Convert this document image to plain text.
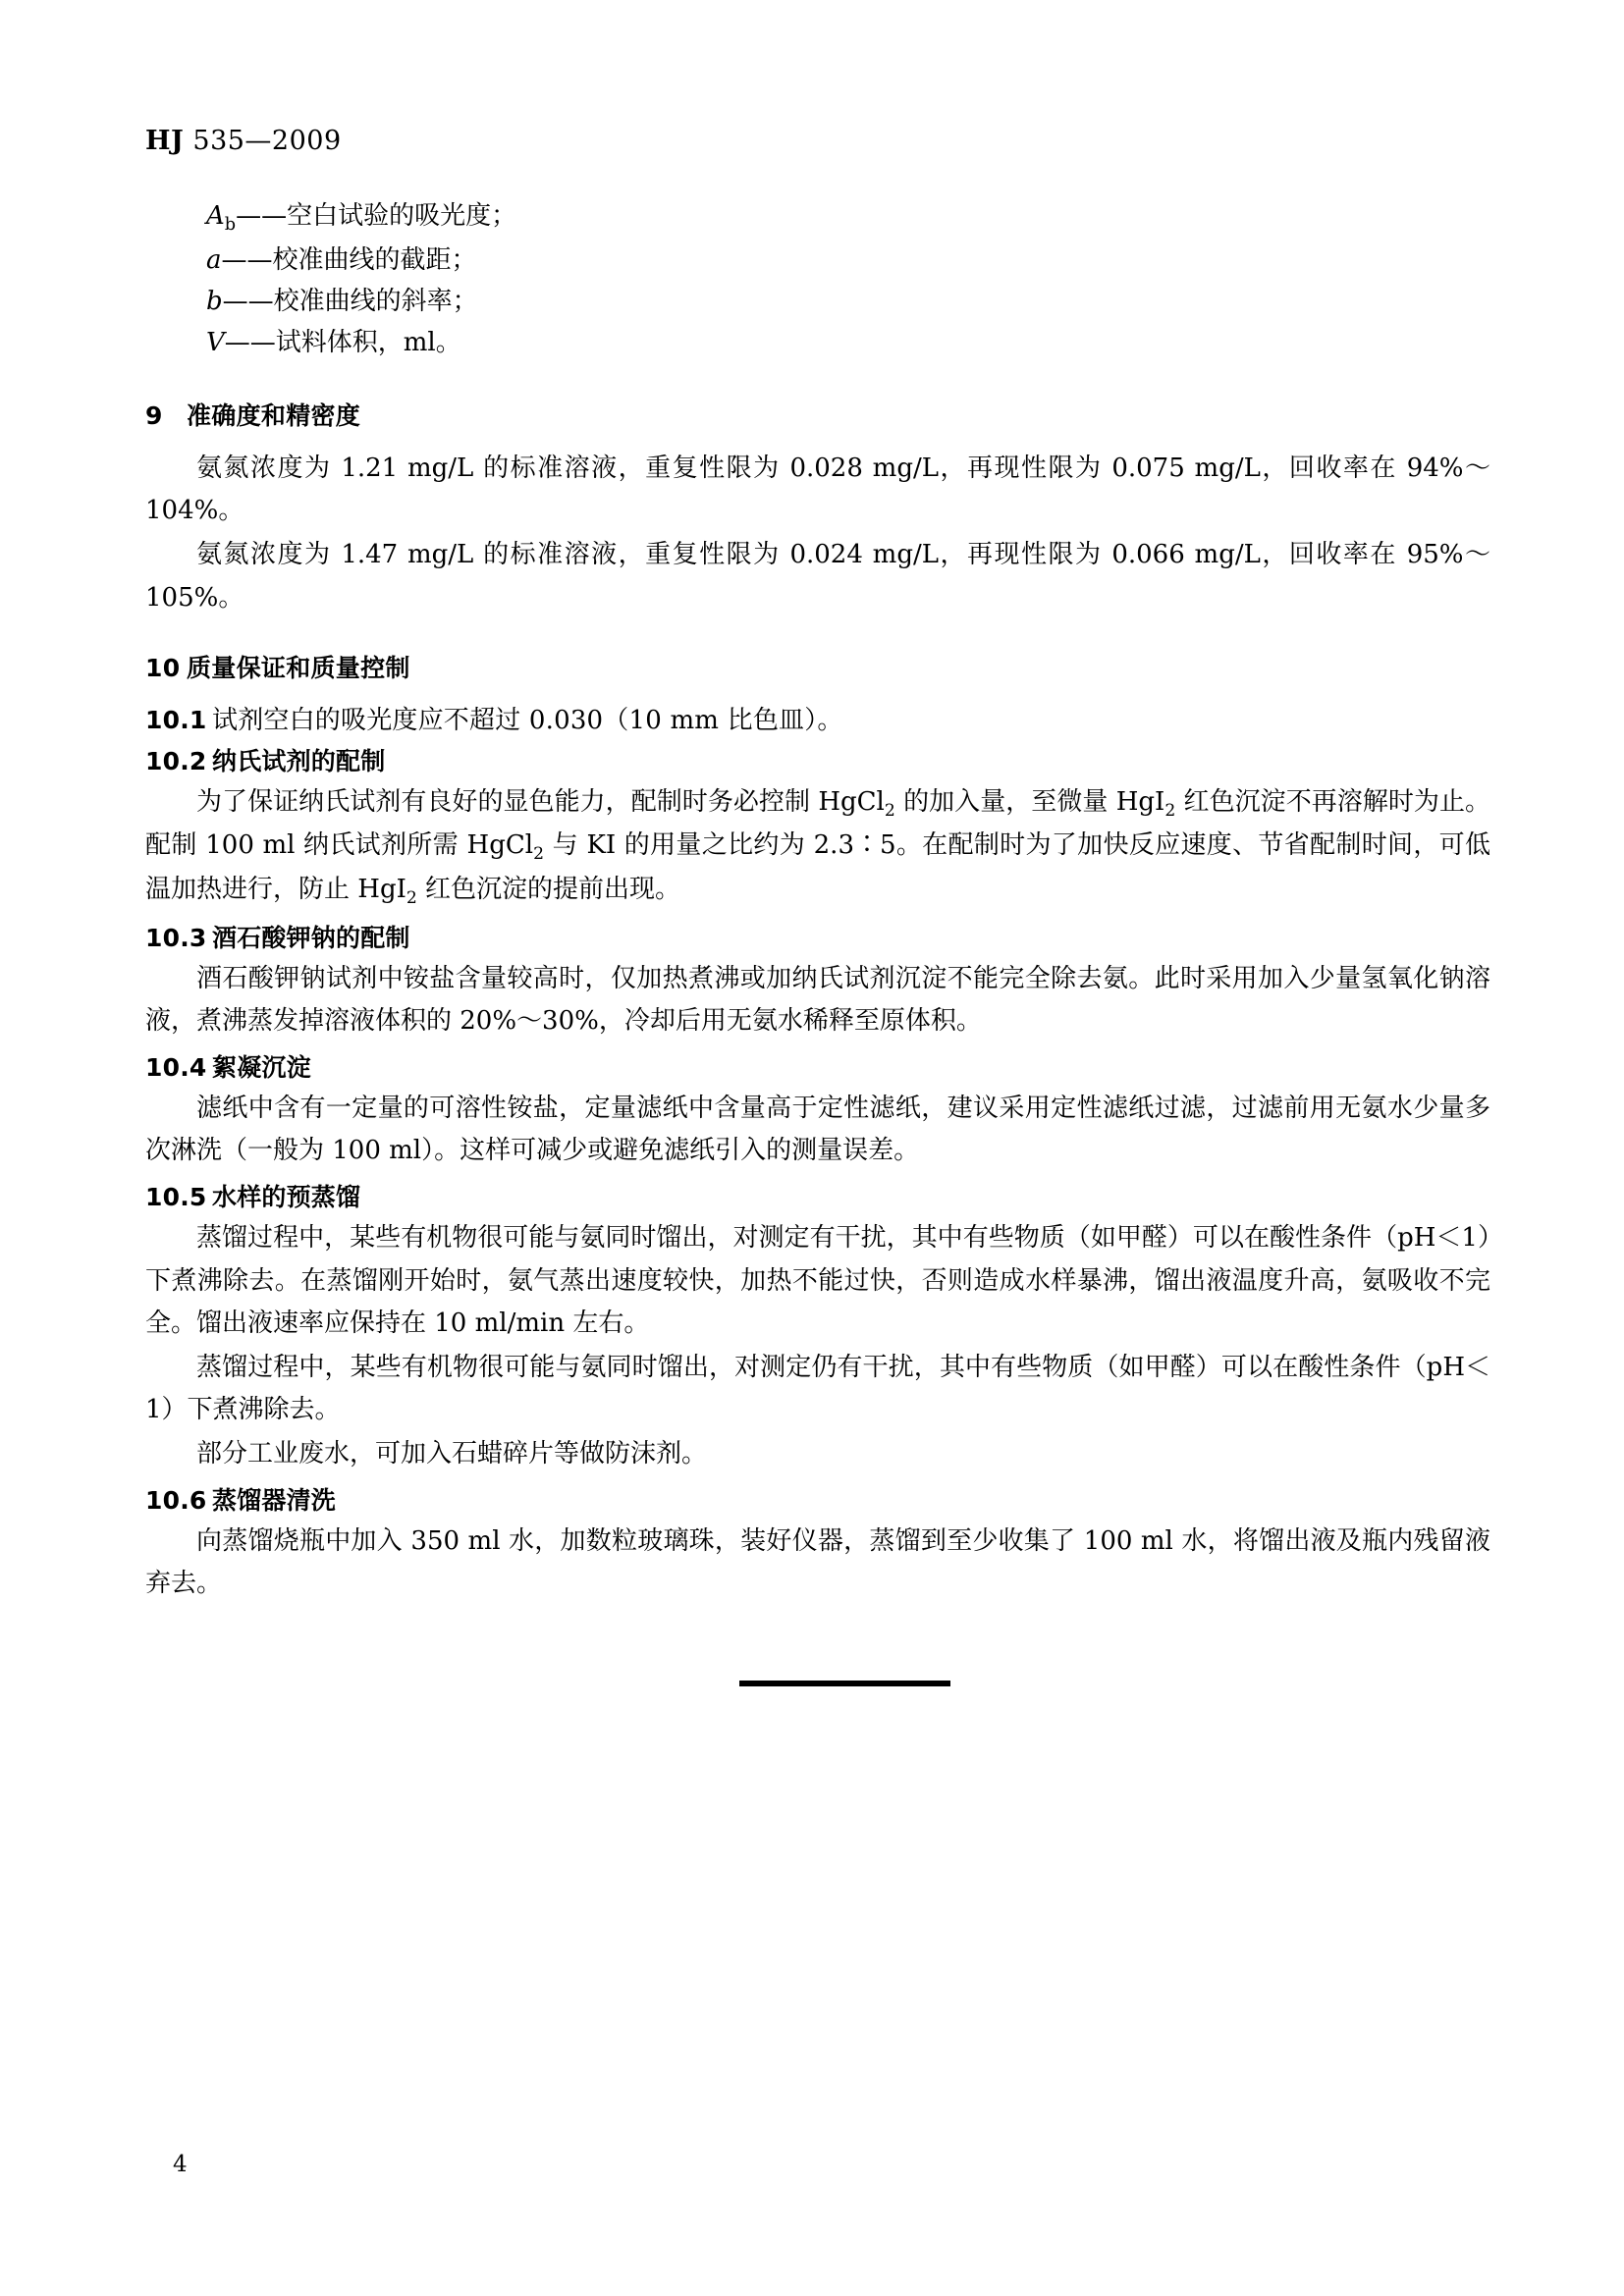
HJ 535—2009
$A_b——$空白试验的吸光度；
a——校准曲线的截距；
b——校准曲线的斜率；
V——试料体积，ml。
9 准确度和精密度

氨氮浓度为 1.21 mg/L 的标准溶液，重复性限为 0.028 mg/L，再现性限为 0.075 mg/L，回收率在 94%～104%。

氨氮浓度为 1.47 mg/L 的标准溶液，重复性限为 0.024 mg/L，再现性限为 0.066 mg/L，回收率在 95%～105%。

10 质量保证和质量控制
10.1 试剂空白的吸光度应不超过 0.030（10 mm 比色皿）。
10.2 纳氏试剂的配制

为了保证纳氏试剂有良好的显色能力，配制时务必控制 HgCl$_2$ 的加入量，至微量 HgI$_2$ 红色沉淀不再溶解时为止。配制 100 ml 纳氏试剂所需 HgCl$_2$ 与 KI 的用量之比约为 2.3∶5。在配制时为了加快反应速度、节省配制时间，可低温加热进行，防止 HgI$_2$ 红色沉淀的提前出现。

10.3 酒石酸钾钠的配制

酒石酸钾钠试剂中铵盐含量较高时，仅加热煮沸或加纳氏试剂沉淀不能完全除去氨。此时采用加入少量氢氧化钠溶液，煮沸蒸发掉溶液体积的 20%～30%，冷却后用无氨水稀释至原体积。

10.4 絮凝沉淀

滤纸中含有一定量的可溶性铵盐，定量滤纸中含量高于定性滤纸，建议采用定性滤纸过滤，过滤前用无氨水少量多次淋洗（一般为 100 ml）。这样可减少或避免滤纸引入的测量误差。

10.5 水样的预蒸馏

蒸馏过程中，某些有机物很可能与氨同时馏出，对测定有干扰，其中有些物质（如甲醛）可以在酸性条件（pH＜1）下煮沸除去。在蒸馏刚开始时，氨气蒸出速度较快，加热不能过快，否则造成水样暴沸，馏出液温度升高，氨吸收不完全。馏出液速率应保持在 10 ml/min 左右。

蒸馏过程中，某些有机物很可能与氨同时馏出，对测定仍有干扰，其中有些物质（如甲醛）可以在酸性条件（pH＜1）下煮沸除去。

部分工业废水，可加入石蜡碎片等做防沫剂。

10.6 蒸馏器清洗

向蒸馏烧瓶中加入 350 ml 水，加数粒玻璃珠，装好仪器，蒸馏到至少收集了 100 ml 水，将馏出液及瓶内残留液弃去。

4
